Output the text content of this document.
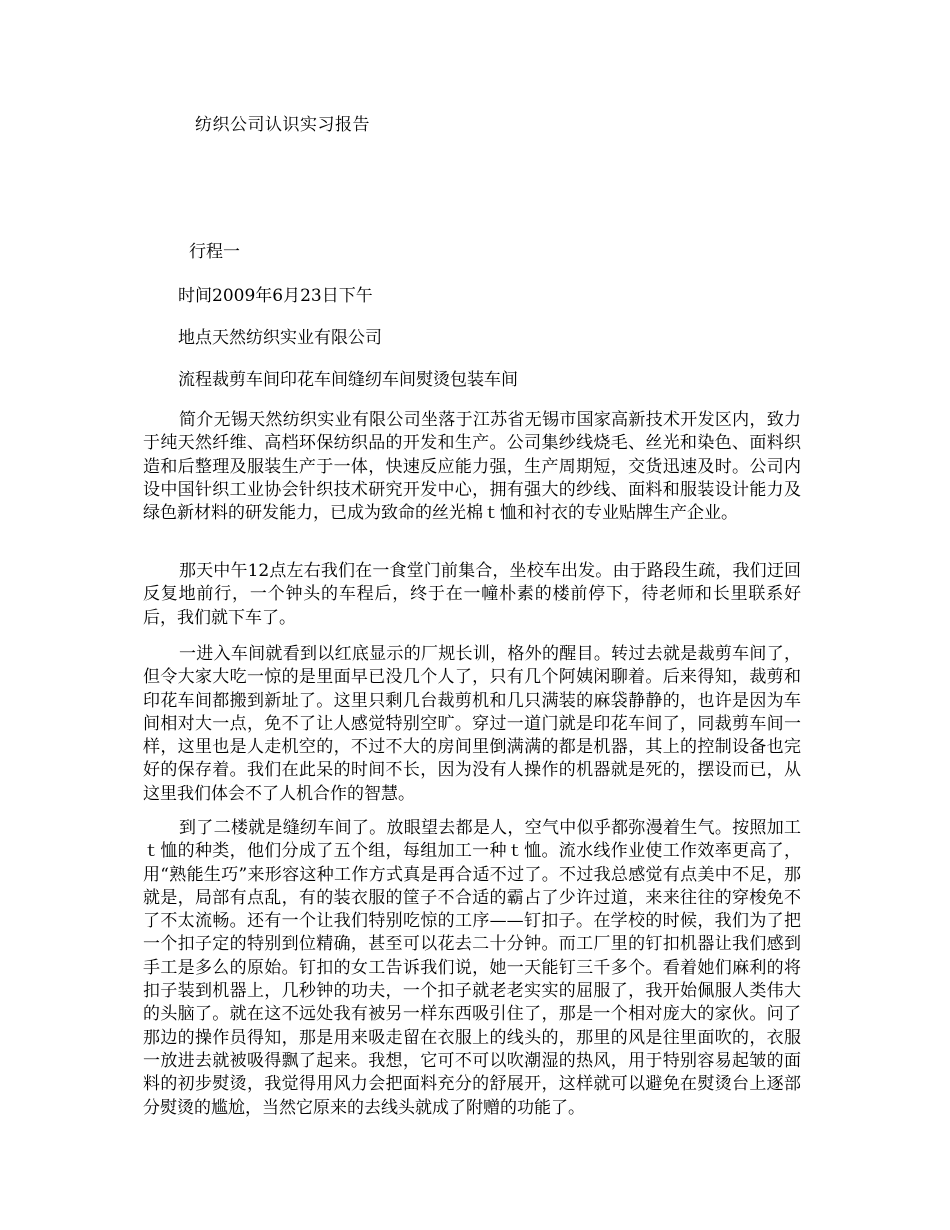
纺织公司认识实习报告
行程一
时间2009年6月23日下午
地点天然纺织实业有限公司
流程裁剪车间印花车间缝纫车间熨烫包装车间

简介无锡天然纺织实业有限公司坐落于江苏省无锡市国家高新技术开发区内，致力于纯天然纤维、高档环保纺织品的开发和生产。公司集纱线烧毛、丝光和染色、面料织造和后整理及服装生产于一体，快速反应能力强，生产周期短，交货迅速及时。公司内设中国针织工业协会针织技术研究开发中心，拥有强大的纱线、面料和服装设计能力及绿色新材料的研发能力，已成为致命的丝光棉ｔ恤和衬衣的专业贴牌生产企业。

那天中午12点左右我们在一食堂门前集合，坐校车出发。由于路段生疏，我们迂回反复地前行，一个钟头的车程后，终于在一幢朴素的楼前停下，待老师和长里联系好后，我们就下车了。

一进入车间就看到以红底显示的厂规长训，格外的醒目。转过去就是裁剪车间了，但令大家大吃一惊的是里面早已没几个人了，只有几个阿姨闲聊着。后来得知，裁剪和印花车间都搬到新址了。这里只剩几台裁剪机和几只满装的麻袋静静的，也许是因为车间相对大一点，免不了让人感觉特别空旷。穿过一道门就是印花车间了，同裁剪车间一样，这里也是人走机空的，不过不大的房间里倒满满的都是机器，其上的控制设备也完好的保存着。我们在此呆的时间不长，因为没有人操作的机器就是死的，摆设而已，从这里我们体会不了人机合作的智慧。

到了二楼就是缝纫车间了。放眼望去都是人，空气中似乎都弥漫着生气。按照加工ｔ恤的种类，他们分成了五个组，每组加工一种ｔ恤。流水线作业使工作效率更高了，用“熟能生巧”来形容这种工作方式真是再合适不过了。不过我总感觉有点美中不足，那就是，局部有点乱，有的装衣服的筐子不合适的霸占了少许过道，来来往往的穿梭免不了不太流畅。还有一个让我们特别吃惊的工序——钉扣子。在学校的时候，我们为了把一个扣子定的特别到位精确，甚至可以花去二十分钟。而工厂里的钉扣机器让我们感到手工是多么的原始。钉扣的女工告诉我们说，她一天能钉三千多个。看着她们麻利的将扣子装到机器上，几秒钟的功夫，一个扣子就老老实实的屈服了，我开始佩服人类伟大的头脑了。就在这不远处我有被另一样东西吸引住了，那是一个相对庞大的家伙。问了那边的操作员得知，那是用来吸走留在衣服上的线头的，那里的风是往里面吹的，衣服一放进去就被吸得飘了起来。我想，它可不可以吹潮湿的热风，用于特别容易起皱的面料的初步熨烫，我觉得用风力会把面料充分的舒展开，这样就可以避免在熨烫台上逐部分熨烫的尴尬，当然它原来的去线头就成了附赠的功能了。
